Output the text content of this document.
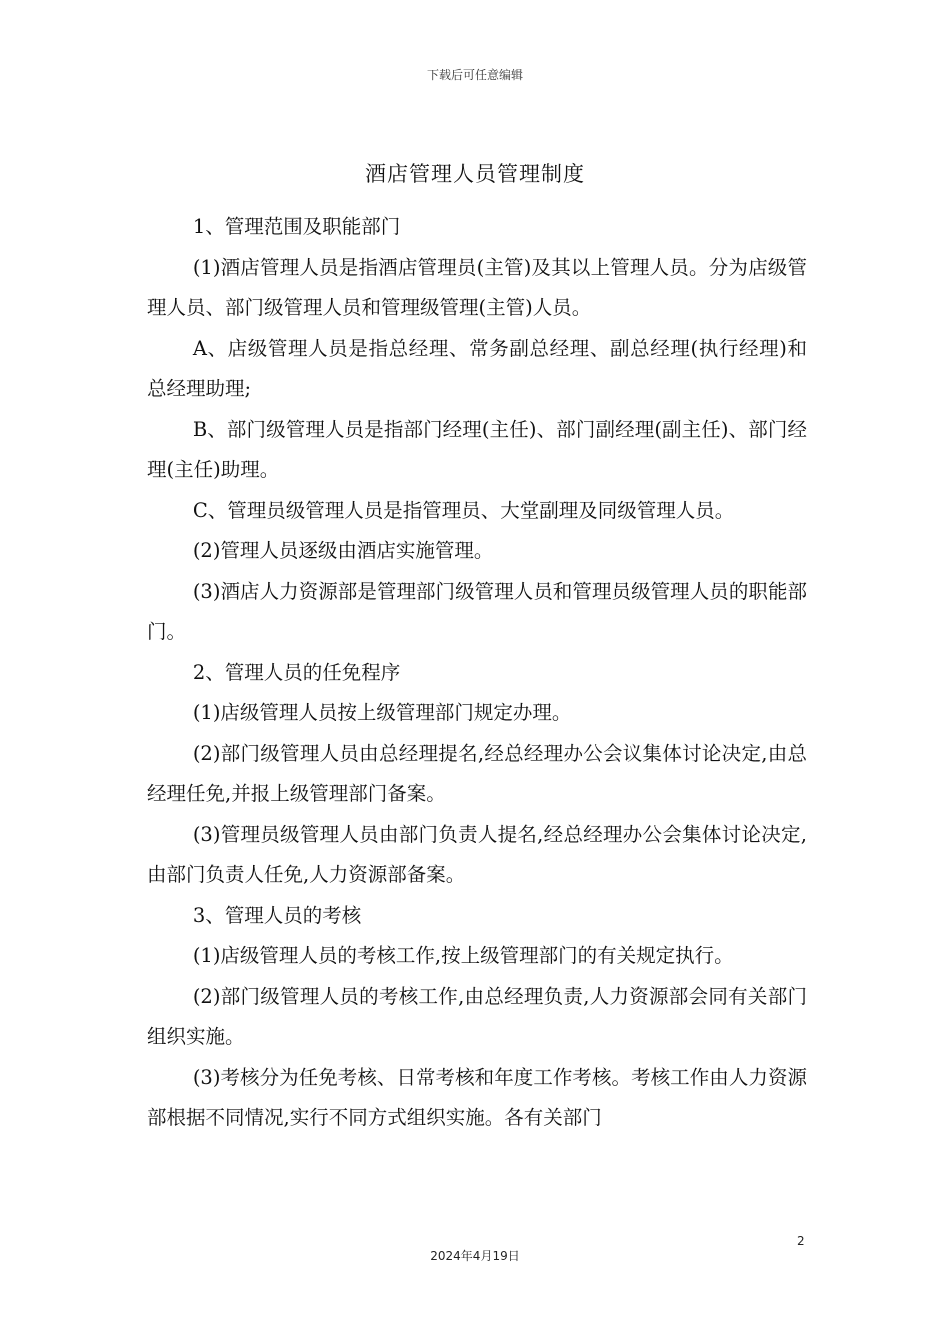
下载后可任意编辑
酒店管理人员管理制度

1、管理范围及职能部门

(1)酒店管理人员是指酒店管理员(主管)及其以上管理人员。分为店级管理人员、部门级管理人员和管理级管理(主管)人员。

A、店级管理人员是指总经理、常务副总经理、副总经理(执行经理)和总经理助理;

B、部门级管理人员是指部门经理(主任)、部门副经理(副主任)、部门经理(主任)助理。

C、管理员级管理人员是指管理员、大堂副理及同级管理人员。

(2)管理人员逐级由酒店实施管理。

(3)酒店人力资源部是管理部门级管理人员和管理员级管理人员的职能部门。

2、管理人员的任免程序

(1)店级管理人员按上级管理部门规定办理。

(2)部门级管理人员由总经理提名,经总经理办公会议集体讨论决定,由总经理任免,并报上级管理部门备案。

(3)管理员级管理人员由部门负责人提名,经总经理办公会集体讨论决定,由部门负责人任免,人力资源部备案。

3、管理人员的考核

(1)店级管理人员的考核工作,按上级管理部门的有关规定执行。

(2)部门级管理人员的考核工作,由总经理负责,人力资源部会同有关部门组织实施。

(3)考核分为任免考核、日常考核和年度工作考核。考核工作由人力资源部根据不同情况,实行不同方式组织实施。各有关部门

2
2024年4月19日
